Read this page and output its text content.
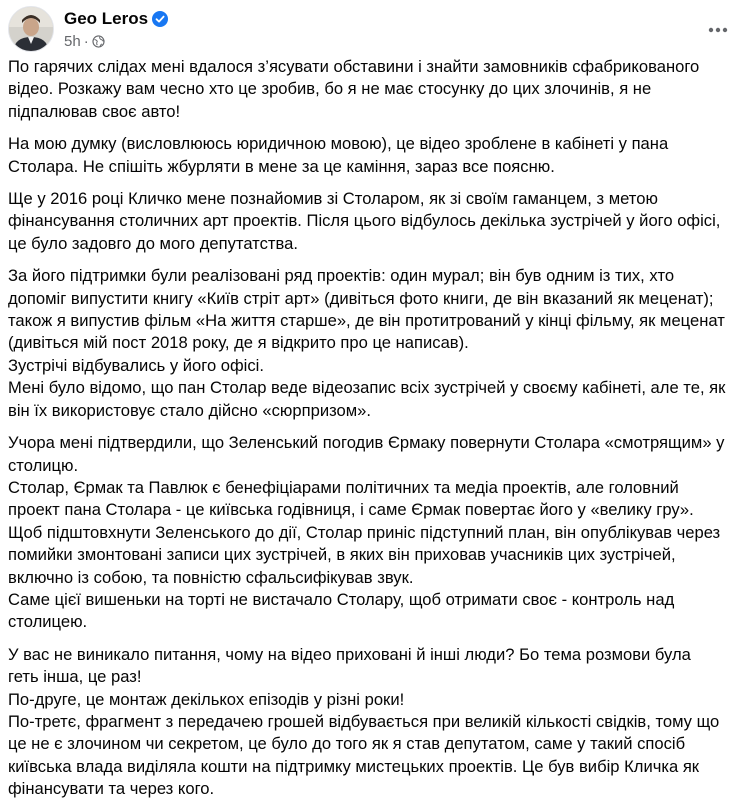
Geo Leros
5h ·
По гарячих слідах мені вдалося з’ясувати обставини і знайти замовників сфабрикованого
відео. Розкажу вам чесно хто це зробив, бо я не має стосунку до цих злочинів, я не
підпалював своє авто!
На мою думку (висловлююсь юридичною мовою), це відео зроблене в кабінеті у пана
Столара. Не спішіть жбурляти в мене за це каміння, зараз все поясню.
Ще у 2016 році Кличко мене познайомив зі Столаром, як зі своїм гаманцем, з метою
фінансування столичних арт проектів. Після цього відбулось декілька зустрічей у його офісі,
це було задовго до мого депутатства.
За його підтримки були реалізовані ряд проектів: один мурал; він був одним із тих, хто
допоміг випустити книгу «Київ стріт арт» (дивіться фото книги, де він вказаний як меценат);
також я випустив фільм «На життя старше», де він протитрований у кінці фільму, як меценат
(дивіться мій пост 2018 року, де я відкрито про це написав).
Зустрічі відбувались у його офісі.
Мені було відомо, що пан Столар веде відеозапис всіх зустрічей у своєму кабінеті, але те, як
він їх використовує стало дійсно «сюрпризом».
Учора мені підтвердили, що Зеленський погодив Єрмаку повернути Столара «смотрящим» у
столицю.
Столар, Єрмак та Павлюк є бенефіціарами політичних та медіа проектів, але головний
проект пана Столара - це київська годівниця, і саме Єрмак повертає його у «велику гру».
Щоб підштовхнути Зеленського до дії, Столар приніс підступний план, він опублікував через
помийки змонтовані записи цих зустрічей, в яких він приховав учасників цих зустрічей,
включно із собою, та повністю сфальсифікував звук.
Саме цієї вишеньки на торті не вистачало Столару, щоб отримати своє - контроль над
столицею.
У вас не виникало питання, чому на відео приховані й інші люди? Бо тема розмови була
геть інша, це раз!
По-друге, це монтаж декількох епізодів у різні роки!
По-третє, фрагмент з передачею грошей відбувається при великій кількості свідків, тому що
це не є злочином чи секретом, це було до того як я став депутатом, саме у такий спосіб
київська влада виділяла кошти на підтримку мистецьких проектів. Це був вибір Кличка як
фінансувати та через кого.
